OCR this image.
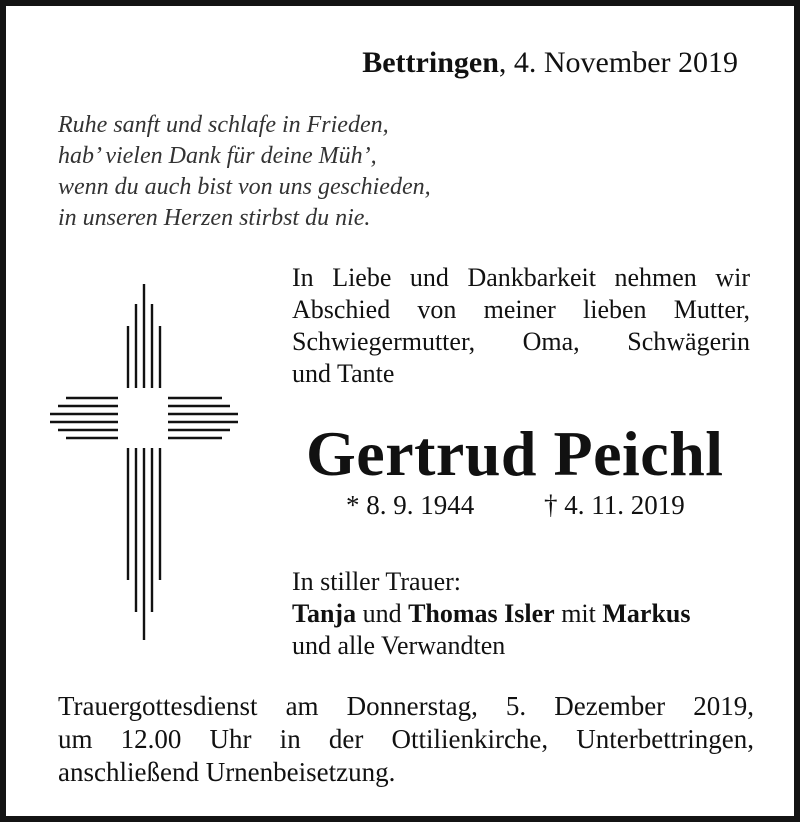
Bettringen, 4. November 2019
Ruhe sanft und schlafe in Frieden,
hab’ vielen Dank für deine Müh’,
wenn du auch bist von uns geschieden,
in unseren Herzen stirbst du nie.
In Liebe und Dankbarkeit nehmen wir
Abschied von meiner lieben Mutter,
Schwiegermutter, Oma, Schwägerin
und Tante
Gertrud Peichl
* 8. 9. 1944	† 4. 11. 2019
In stiller Trauer:
Tanja und Thomas Isler mit Markus
und alle Verwandten
Trauergottesdienst am Donnerstag, 5. Dezember 2019,
um 12.00 Uhr in der Ottilienkirche, Unterbettringen,
anschließend Urnenbeisetzung.
